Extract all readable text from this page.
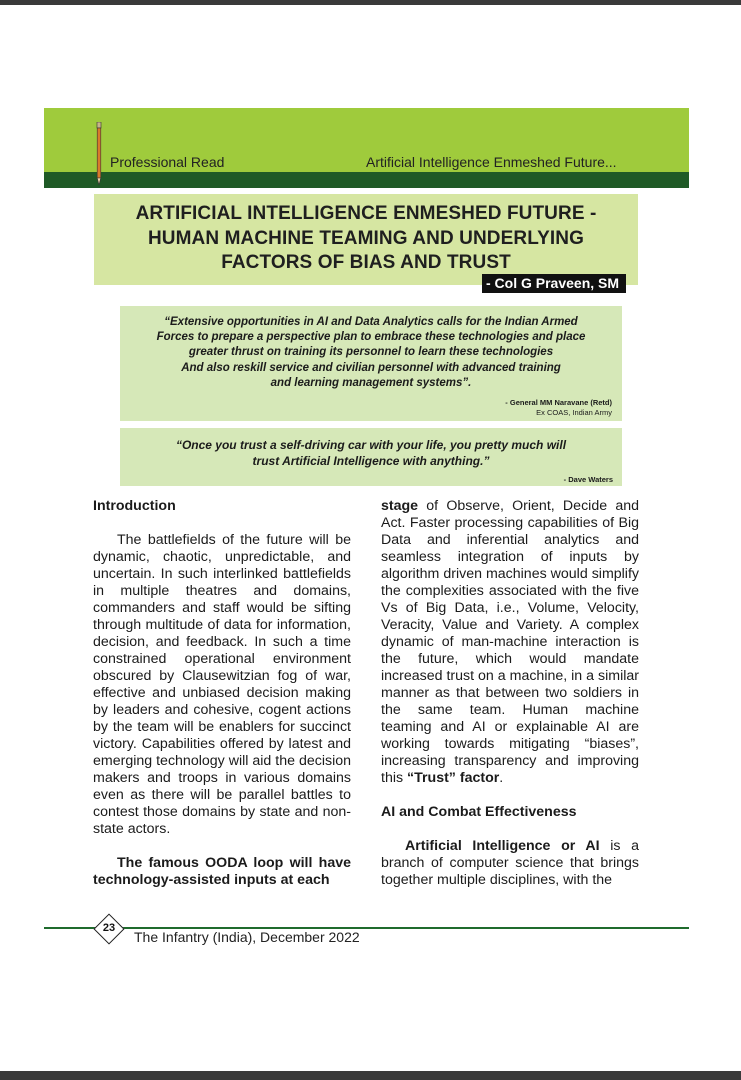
Professional Read	Artificial Intelligence Enmeshed Future...
ARTIFICIAL INTELLIGENCE ENMESHED FUTURE -
HUMAN MACHINE TEAMING AND UNDERLYING
FACTORS OF BIAS AND TRUST
- Col G Praveen, SM
“Extensive opportunities in AI and Data Analytics calls for the Indian Armed
Forces to prepare a perspective plan to embrace these technologies and place
greater thrust on training its personnel to learn these technologies
And also reskill service and civilian personnel with advanced training
and learning management systems”.
- General MM Naravane (Retd)
Ex COAS, Indian Army
“Once you trust a self-driving car with your life, you pretty much will
trust Artificial Intelligence with anything.”
- Dave Waters

Introduction

The battlefields of the future will be dynamic, chaotic, unpredictable, and uncertain. In such interlinked battlefields in multiple theatres and domains, commanders and staff would be sifting through multitude of data for information, decision, and feedback. In such a time constrained operational environment obscured by Clausewitzian fog of war, effective and unbiased decision making by leaders and cohesive, cogent actions by the team will be enablers for succinct victory. Capabilities offered by latest and emerging technology will aid the decision makers and troops in various domains even as there will be parallel battles to contest those domains by state and non-state actors.

The famous OODA loop will have technology-assisted inputs at each

stage of Observe, Orient, Decide and Act. Faster processing capabilities of Big Data and inferential analytics and seamless integration of inputs by algorithm driven machines would simplify the complexities associated with the five Vs of Big Data, i.e., Volume, Velocity, Veracity, Value and Variety. A complex dynamic of man-machine interaction is the future, which would mandate increased trust on a machine, in a similar manner as that between two soldiers in the same team. Human machine teaming and AI or explainable AI are working towards mitigating “biases”, increasing transparency and improving this “Trust” factor.

AI and Combat Effectiveness

Artificial Intelligence or AI is a branch of computer science that brings together multiple disciplines, with the

23
The Infantry (India), December 2022
